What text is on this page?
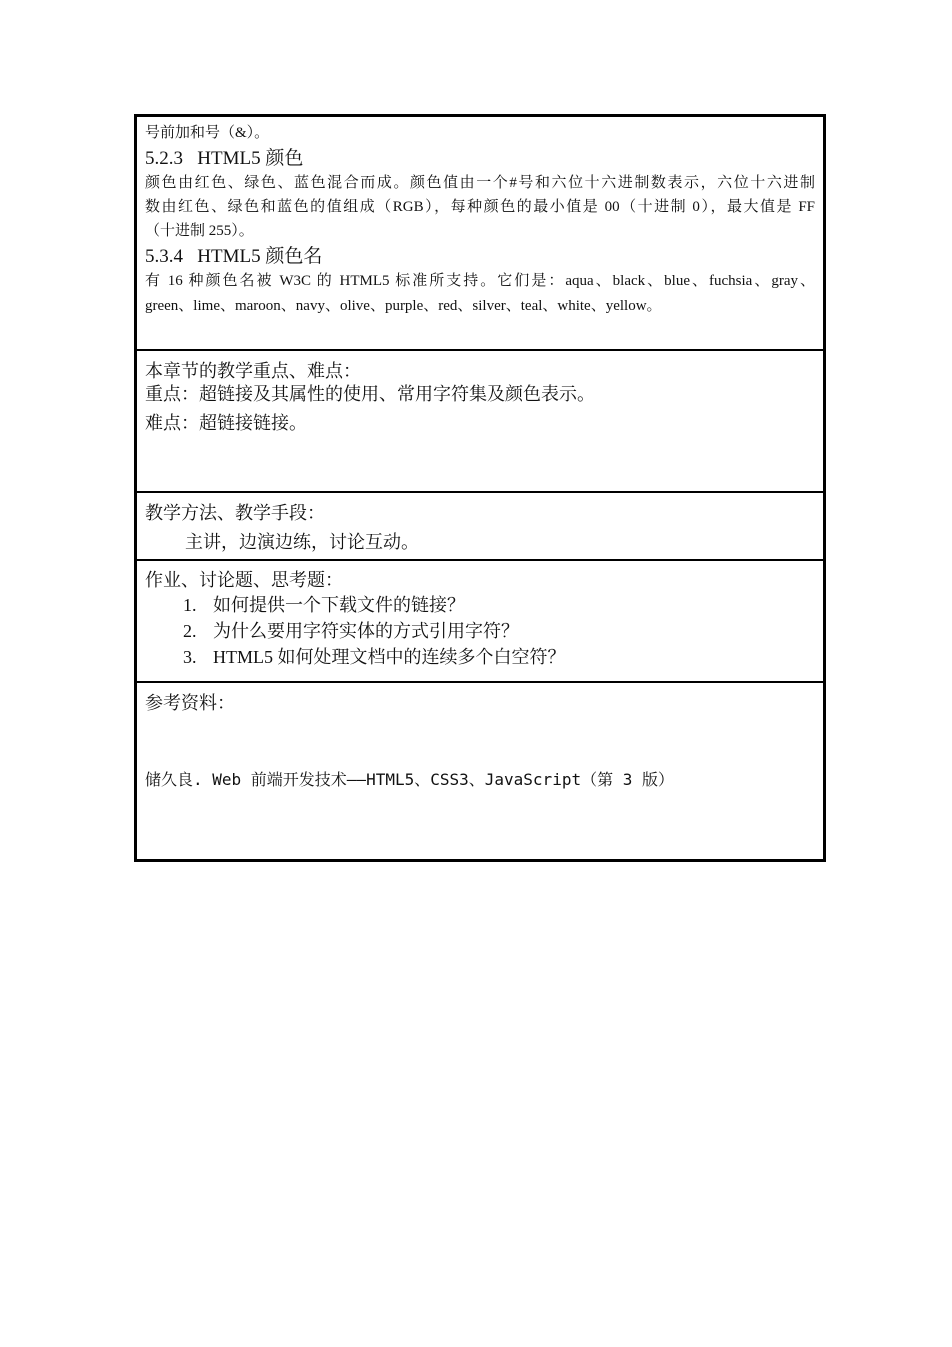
号前加和号（&）。
5.2.3 HTML5 颜色
颜色由红色、绿色、蓝色混合而成。颜色值由一个#号和六位十六进制数表示，六位十六进制
数由红色、绿色和蓝色的值组成（RGB），每种颜色的最小值是 00（十进制 0），最大值是 FF
（十进制 255）。
5.3.4 HTML5 颜色名
有 16 种颜色名被 W3C 的 HTML5 标准所支持。它们是：aqua、black、blue、fuchsia、gray、
green、lime、maroon、navy、olive、purple、red、silver、teal、white、yellow。
本章节的教学重点、难点：
重点：超链接及其属性的使用、常用字符集及颜色表示。
难点：超链接链接。
教学方法、教学手段：
主讲，边演边练，讨论互动。
作业、讨论题、思考题：
1. 如何提供一个下载文件的链接？
2. 为什么要用字符实体的方式引用字符？
3. HTML5 如何处理文档中的连续多个白空符？
参考资料：
储久良. Web 前端开发技术——HTML5、CSS3、JavaScript（第 3 版）
